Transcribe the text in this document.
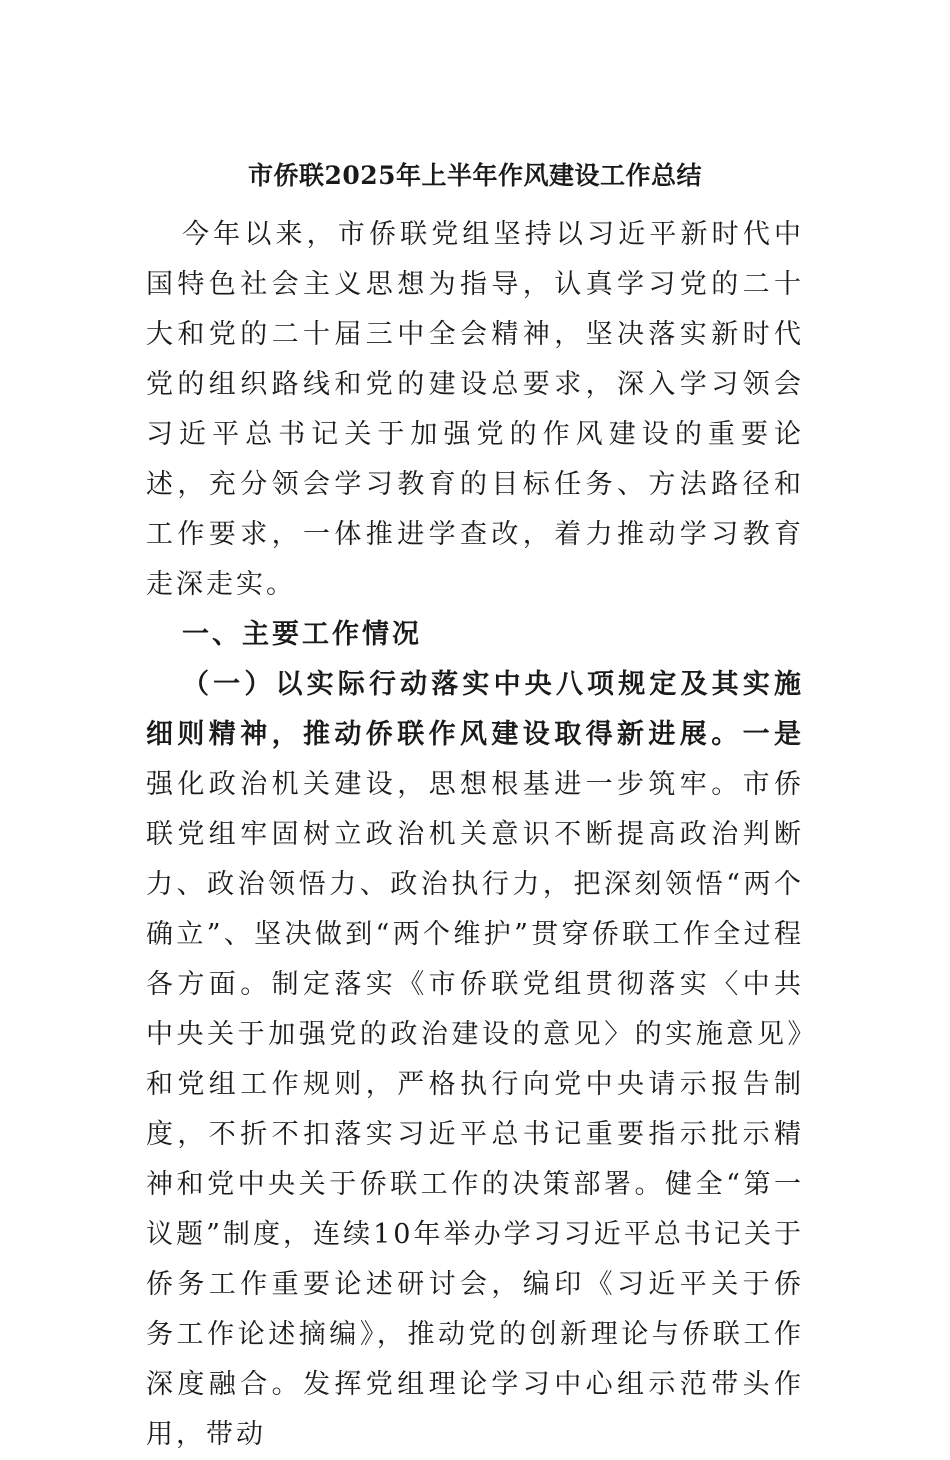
市侨联2025年上半年作风建设工作总结

今年以来，市侨联党组坚持以习近平新时代中国特色社会主义思想为指导，认真学习党的二十大和党的二十届三中全会精神，坚决落实新时代党的组织路线和党的建设总要求，深入学习领会习近平总书记关于加强党的作风建设的重要论述，充分领会学习教育的目标任务、方法路径和工作要求，一体推进学查改，着力推动学习教育走深走实。

一、主要工作情况

（一）以实际行动落实中央八项规定及其实施细则精神，推动侨联作风建设取得新进展。一是强化政治机关建设，思想根基进一步筑牢。市侨联党组牢固树立政治机关意识不断提高政治判断力、政治领悟力、政治执行力，把深刻领悟“两个确立”、坚决做到“两个维护”贯穿侨联工作全过程各方面。制定落实《市侨联党组贯彻落实〈中共中央关于加强党的政治建设的意见〉的实施意见》和党组工作规则，严格执行向党中央请示报告制度，不折不扣落实习近平总书记重要指示批示精神和党中央关于侨联工作的决策部署。健全“第一议题”制度，连续10年举办学习习近平总书记关于侨务工作重要论述研讨会，编印《习近平关于侨务工作论述摘编》，推动党的创新理论与侨联工作深度融合。发挥党组理论学习中心组示范带头作用，带动
